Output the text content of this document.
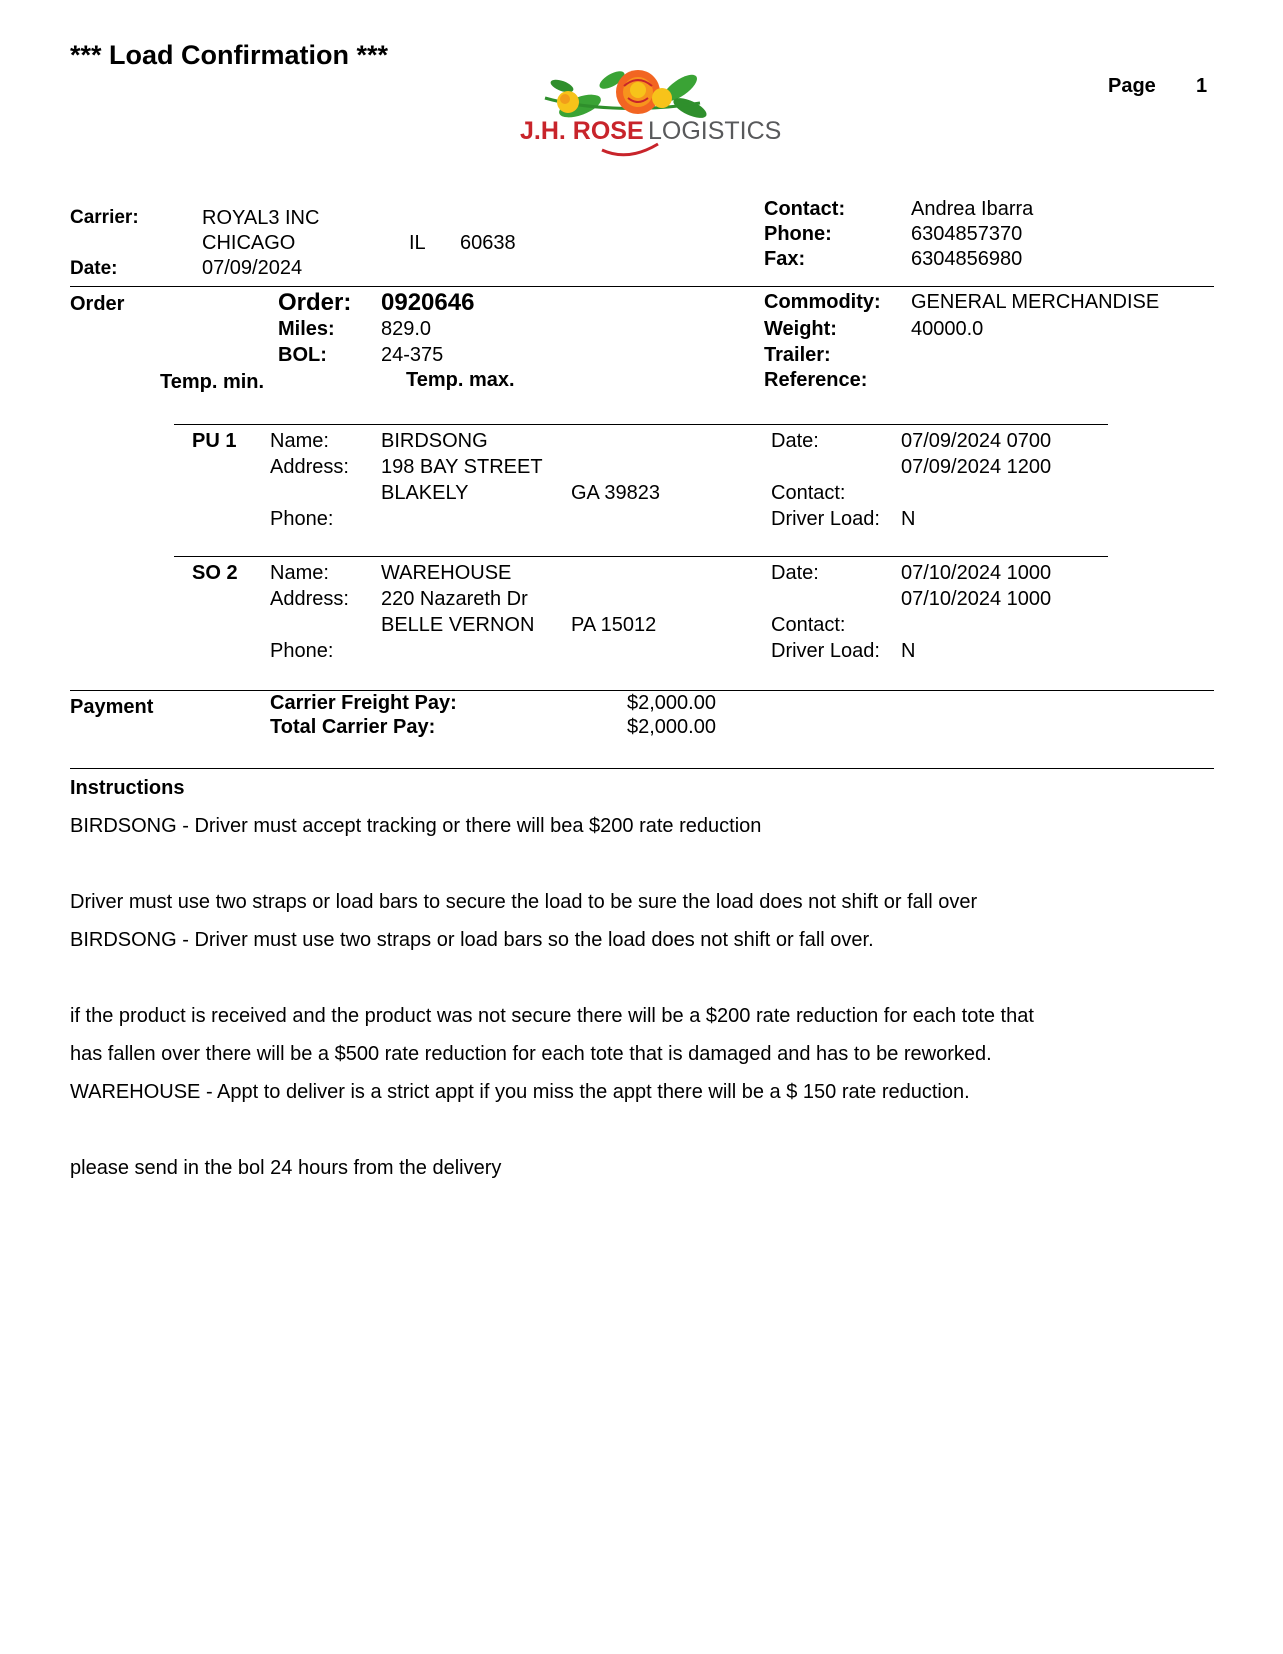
*** Load Confirmation ***
Page 1
J.H. ROSE LOGISTICS
Carrier:	ROYAL3 INC
CHICAGO	IL 60638
Date:	07/09/2024
Contact:	Andrea Ibarra
Phone:	6304857370
Fax:	6304856980
Order	Order: 0920646
Miles: 829.0
BOL:	24-375
Temp. min.	Temp. max.
Commodity: GENERAL MERCHANDISE
Weight:	40000.0
Trailer:
Reference:
PU 1 Name:	BIRDSONG
Address: 198 BAY STREET
BLAKELY	GA 39823
Phone:
Date:	07/09/2024 0700
07/09/2024 1200
Contact:
Driver Load: N
SO 2 Name:	WAREHOUSE
Address: 220 Nazareth Dr
BELLE VERNON PA 15012
Phone:
Date:	07/10/2024 1000
07/10/2024 1000
Contact:
Driver Load: N
Payment	Carrier Freight Pay:	$2,000.00
Total Carrier Pay:	$2,000.00
Instructions
BIRDSONG - Driver must accept tracking or there will bea $200 rate reduction
Driver must use two straps or load bars to secure the load to be sure the load does not shift or fall over
BIRDSONG - Driver must use two straps or load bars so the load does not shift or fall over.
if the product is received and the product was not secure there will be a $200 rate reduction for each tote that
has fallen over there will be a $500 rate reduction for each tote that is damaged and has to be reworked.
WAREHOUSE - Appt to deliver is a strict appt if you miss the appt there will be a $ 150 rate reduction.
please send in the bol 24 hours from the delivery
